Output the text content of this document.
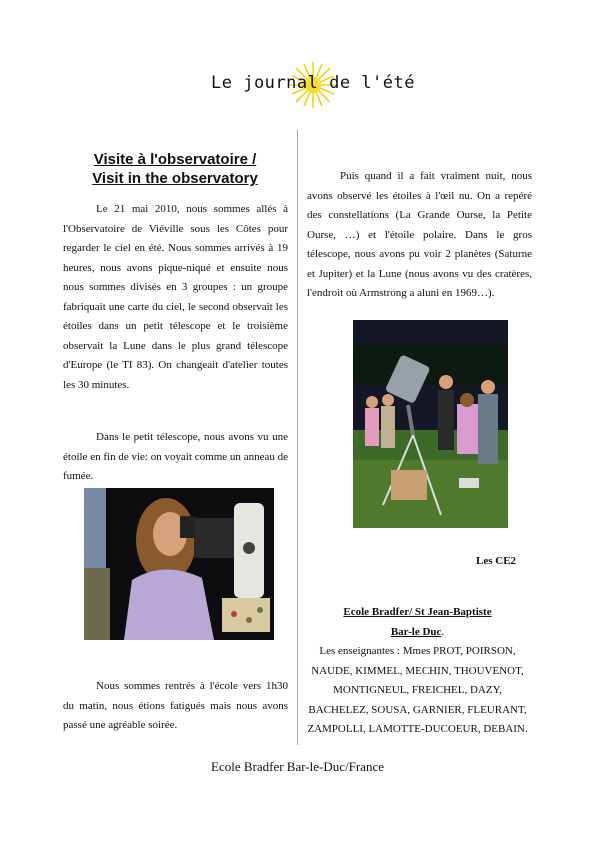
Le journal de l'été
Visite à l'observatoire /
Visit in the observatory
Le 21 mai 2010, nous sommes allés à l'Observatoire de Viéville sous les Côtes pour regarder le ciel en été. Nous sommes arrivés à 19 heures, nous avons pique-niqué et ensuite nous nous sommes divisés en 3 groupes : un groupe fabriquait une carte du ciel, le second observait les étoiles dans un petit télescope et le troisième observait la Lune dans le plus grand télescope d'Europe (le TI 83). On changeait d'atelier toutes les 30 minutes.
Dans le petit télescope, nous avons vu une étoile en fin de vie: on voyait comme un anneau de fumée.
Nous sommes rentrés à l'école vers 1h30 du matin, nous étions fatigués mais nous avons passé une agréable soirée.
Puis quand il a fait vraiment nuit, nous avons observé les étoiles à l'œil nu. On a repéré des constellations (La Grande Ourse, la Petite Ourse, …) et l'étoile polaire. Dans le gros télescope, nous avons pu voir 2 planètes (Saturne et Jupiter) et la Lune (nous avons vu des cratères, l'endroit où Armstrong a aluni en 1969…).
Les CE2
Ecole Bradfer/ St Jean-Baptiste
Bar-le Duc.
Les enseignantes : Mmes PROT, POIRSON,
NAUDE, KIMMEL, MECHIN, THOUVENOT,
MONTIGNEUL, FREICHEL, DAZY,
BACHELEZ, SOUSA, GARNIER, FLEURANT,
ZAMPOLLI, LAMOTTE-DUCOEUR, DEBAIN.
Ecole Bradfer Bar-le-Duc/France
